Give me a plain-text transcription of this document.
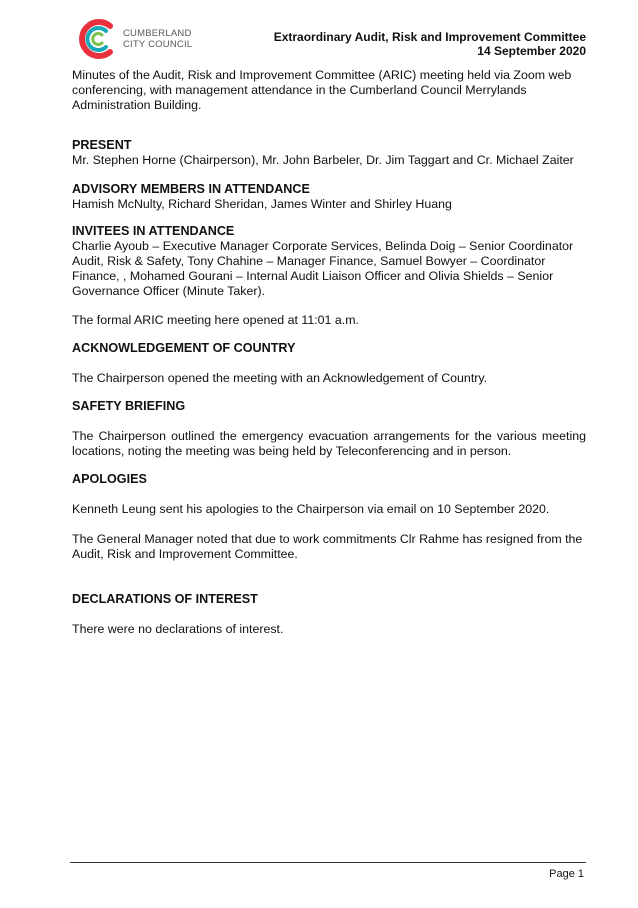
CUMBERLAND
CITY COUNCIL
Extraordinary Audit, Risk and Improvement Committee
14 September 2020

Minutes of the Audit, Risk and Improvement Committee (ARIC) meeting held via Zoom web conferencing, with management attendance in the Cumberland Council Merrylands Administration Building.

PRESENT

Mr. Stephen Horne (Chairperson), Mr. John Barbeler, Dr. Jim Taggart and Cr. Michael Zaiter

ADVISORY MEMBERS IN ATTENDANCE

Hamish McNulty, Richard Sheridan, James Winter and Shirley Huang

INVITEES IN ATTENDANCE

Charlie Ayoub – Executive Manager Corporate Services, Belinda Doig – Senior Coordinator Audit, Risk & Safety, Tony Chahine – Manager Finance, Samuel Bowyer – Coordinator Finance, , Mohamed Gourani – Internal Audit Liaison Officer and Olivia Shields – Senior Governance Officer (Minute Taker).

The formal ARIC meeting here opened at 11:01 a.m.

ACKNOWLEDGEMENT OF COUNTRY

The Chairperson opened the meeting with an Acknowledgement of Country.

SAFETY BRIEFING

The Chairperson outlined the emergency evacuation arrangements for the various meeting locations, noting the meeting was being held by Teleconferencing and in person.

APOLOGIES

Kenneth Leung sent his apologies to the Chairperson via email on 10 September 2020.

The General Manager noted that due to work commitments Clr Rahme has resigned from the Audit, Risk and Improvement Committee.

DECLARATIONS OF INTEREST

There were no declarations of interest.

Page 1
